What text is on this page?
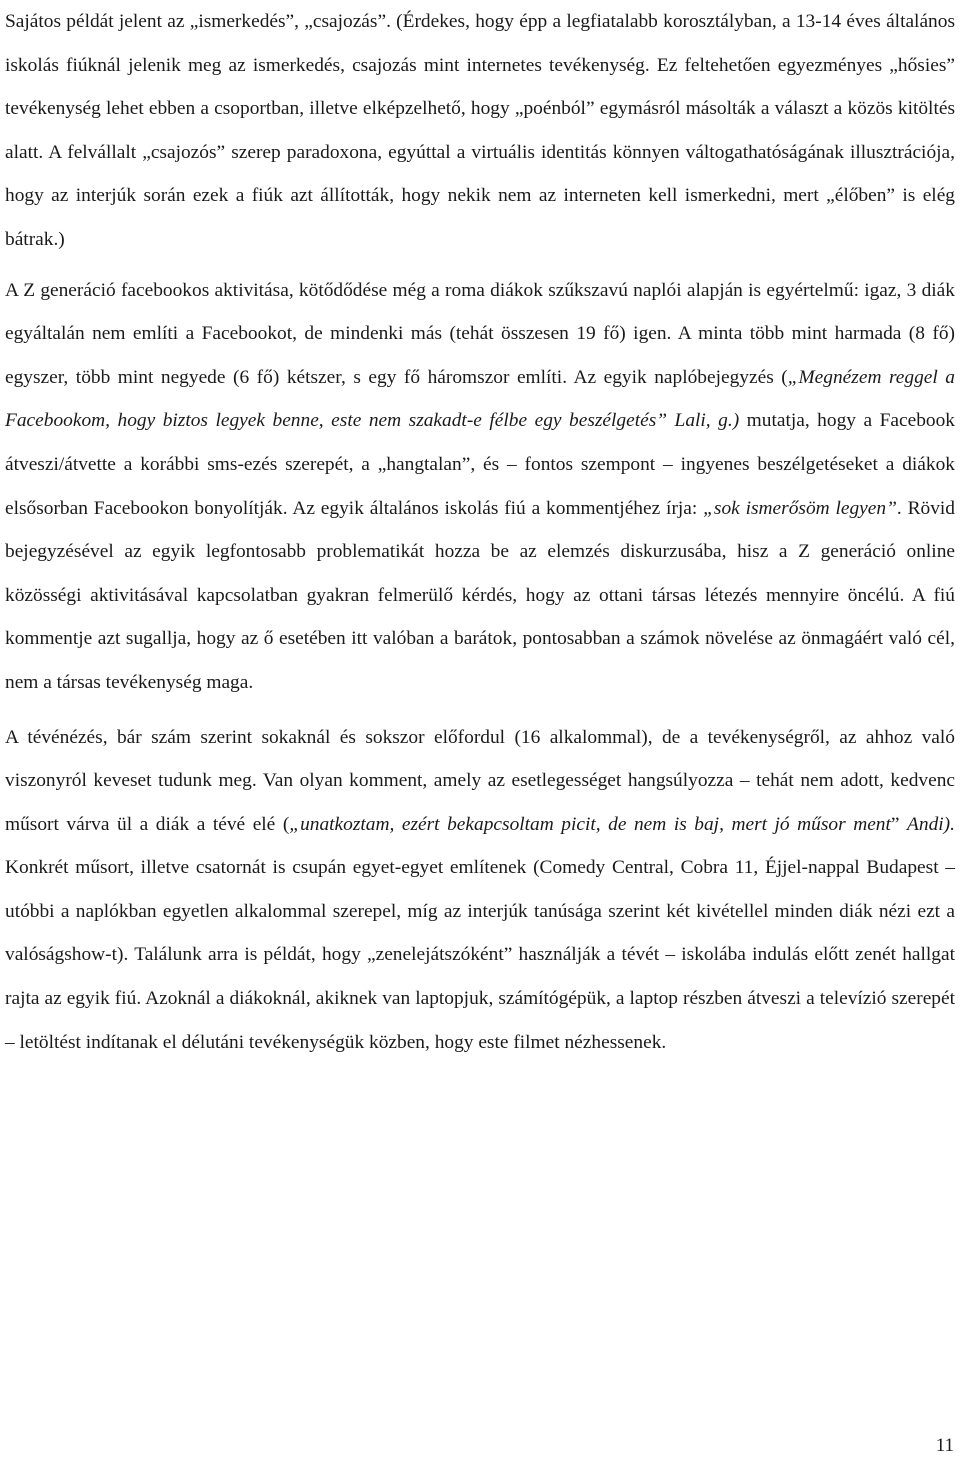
Sajátos példát jelent az „ismerkedés”, „csajozás”. (Érdekes, hogy épp a legfiatalabb korosztályban, a 13-14 éves általános iskolás fiúknál jelenik meg az ismerkedés, csajozás mint internetes tevékenység. Ez feltehetően egyezményes „hősies” tevékenység lehet ebben a csoportban, illetve elképzelhető, hogy „poénból” egymásról másolták a választ a közös kitöltés alatt. A felvállalt „csajozós” szerep paradoxona, egyúttal a virtuális identitás könnyen váltogathatóságának illusztrációja, hogy az interjúk során ezek a fiúk azt állították, hogy nekik nem az interneten kell ismerkedni, mert „élőben” is elég bátrak.)

A Z generáció facebookos aktivitása, kötődődése még a roma diákok szűkszavú naplói alapján is egyértelmű: igaz, 3 diák egyáltalán nem említi a Facebookot, de mindenki más (tehát összesen 19 fő) igen. A minta több mint harmada (8 fő) egyszer, több mint negyede (6 fő) kétszer, s egy fő háromszor említi. Az egyik naplóbejegyzés („Megnézem reggel a Facebookom, hogy biztos legyek benne, este nem szakadt-e félbe egy beszélgetés” Lali, g.) mutatja, hogy a Facebook átveszi/átvette a korábbi sms-ezés szerepét, a „hangtalan”, és – fontos szempont – ingyenes beszélgetéseket a diákok elsősorban Facebookon bonyolítják. Az egyik általános iskolás fiú a kommentjéhez írja: „sok ismerősöm legyen”. Rövid bejegyzésével az egyik legfontosabb problematikát hozza be az elemzés diskurzusába, hisz a Z generáció online közösségi aktivitásával kapcsolatban gyakran felmerülő kérdés, hogy az ottani társas létezés mennyire öncélú. A fiú kommentje azt sugallja, hogy az ő esetében itt valóban a barátok, pontosabban a számok növelése az önmagáért való cél, nem a társas tevékenység maga.

A tévénézés, bár szám szerint sokaknál és sokszor előfordul (16 alkalommal), de a tevékenységről, az ahhoz való viszonyról keveset tudunk meg. Van olyan komment, amely az esetlegességet hangsúlyozza – tehát nem adott, kedvenc műsort várva ül a diák a tévé elé („unatkoztam, ezért bekapcsoltam picit, de nem is baj, mert jó műsor ment” Andi). Konkrét műsort, illetve csatornát is csupán egyet-egyet említenek (Comedy Central, Cobra 11, Éjjel-nappal Budapest – utóbbi a naplókban egyetlen alkalommal szerepel, míg az interjúk tanúsága szerint két kivétellel minden diák nézi ezt a valóságshow-t). Találunk arra is példát, hogy „zenelejátszóként” használják a tévét – iskolába indulás előtt zenét hallgat rajta az egyik fiú. Azoknál a diákoknál, akiknek van laptopjuk, számítógépük, a laptop részben átveszi a televízió szerepét – letöltést indítanak el délutáni tevékenységük közben, hogy este filmet nézhessenek.

11
